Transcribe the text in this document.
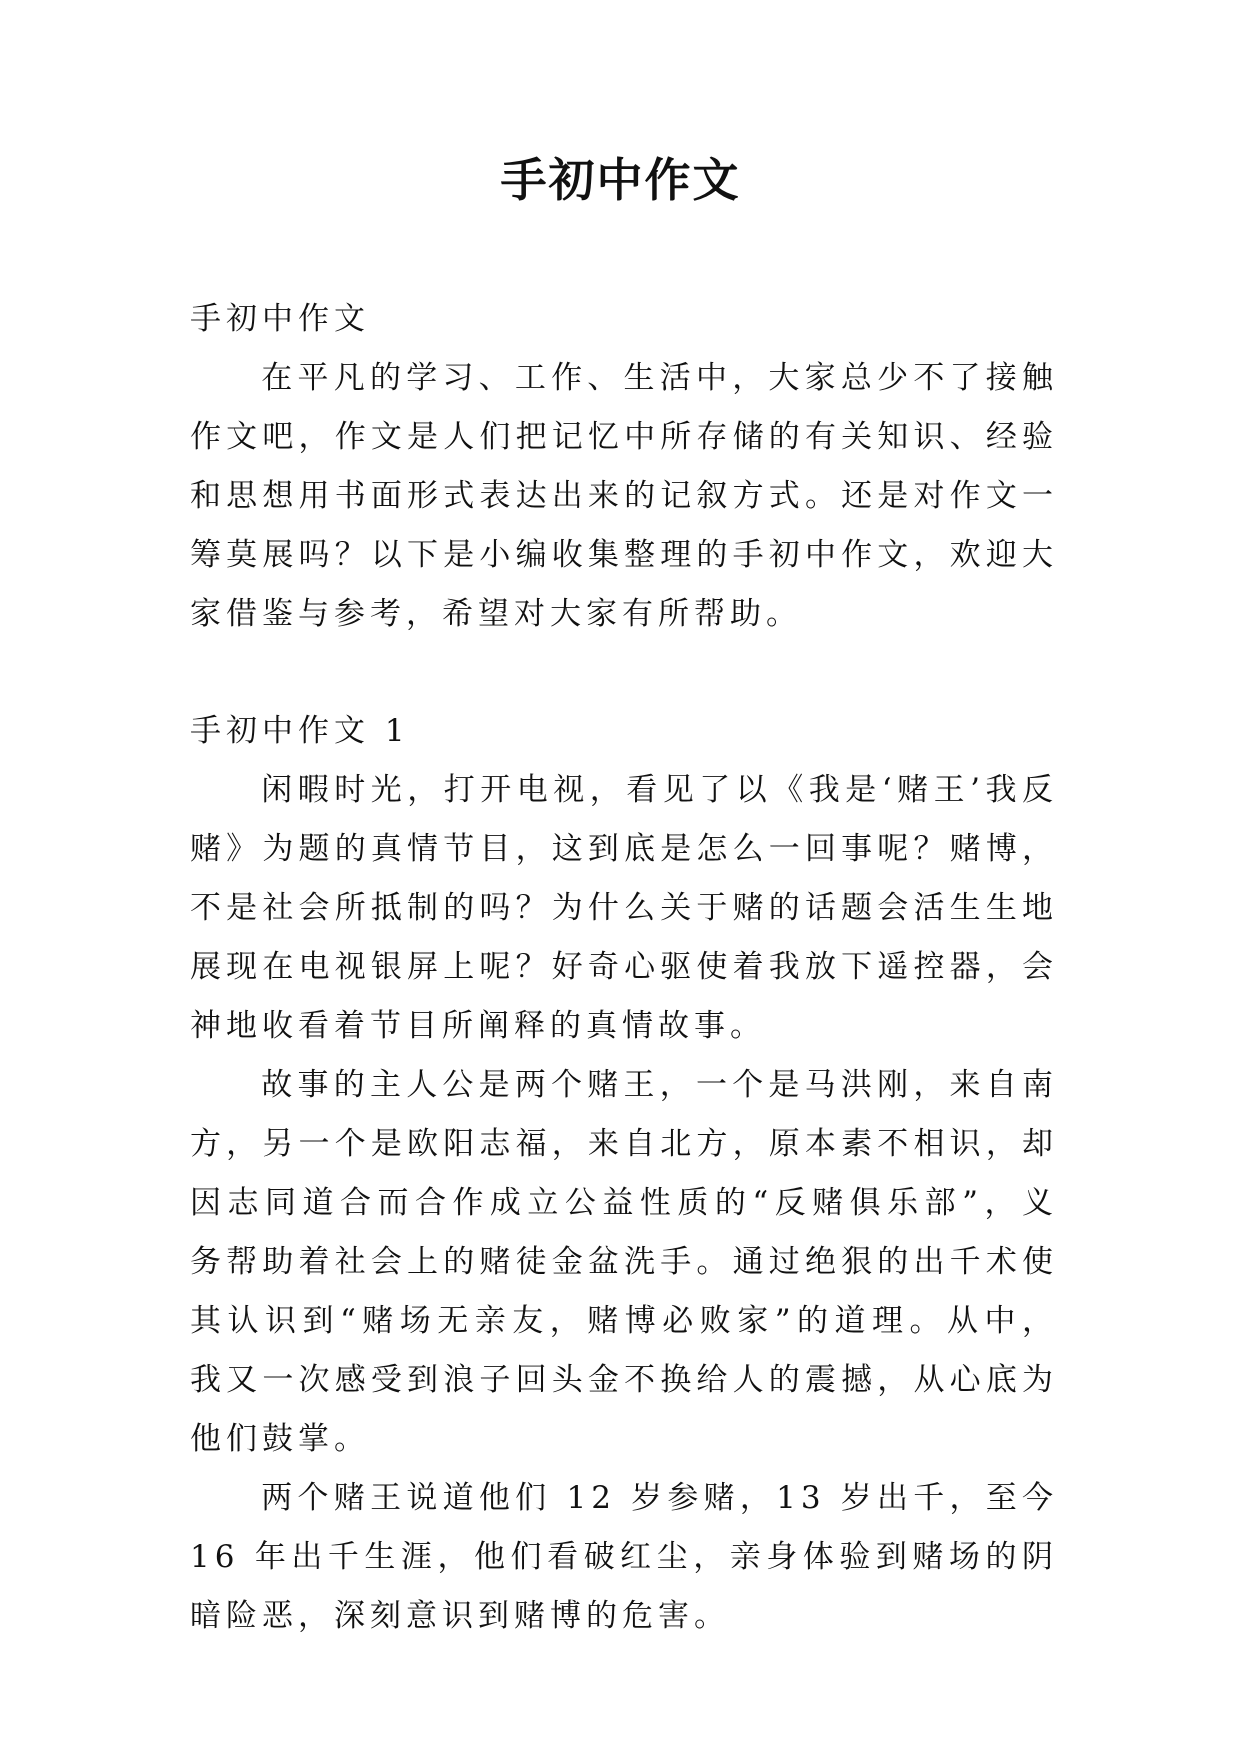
手初中作文

手初中作文

在平凡的学习、工作、生活中，大家总少不了接触作文吧，作文是人们把记忆中所存储的有关知识、经验和思想用书面形式表达出来的记叙方式。还是对作文一筹莫展吗？以下是小编收集整理的手初中作文，欢迎大家借鉴与参考，希望对大家有所帮助。

手初中作文 1

闲暇时光，打开电视，看见了以《我是‘赌王’我反赌》为题的真情节目，这到底是怎么一回事呢？赌博，不是社会所抵制的吗？为什么关于赌的话题会活生生地展现在电视银屏上呢？好奇心驱使着我放下遥控器，会神地收看着节目所阐释的真情故事。

故事的主人公是两个赌王，一个是马洪刚，来自南方，另一个是欧阳志福，来自北方，原本素不相识，却因志同道合而合作成立公益性质的“反赌俱乐部”，义务帮助着社会上的赌徒金盆洗手。通过绝狠的出千术使其认识到“赌场无亲友，赌博必败家”的道理。从中，我又一次感受到浪子回头金不换给人的震撼，从心底为他们鼓掌。

两个赌王说道他们 12 岁参赌，13 岁出千，至今 16 年出千生涯，他们看破红尘，亲身体验到赌场的阴暗险恶，深刻意识到赌博的危害。
